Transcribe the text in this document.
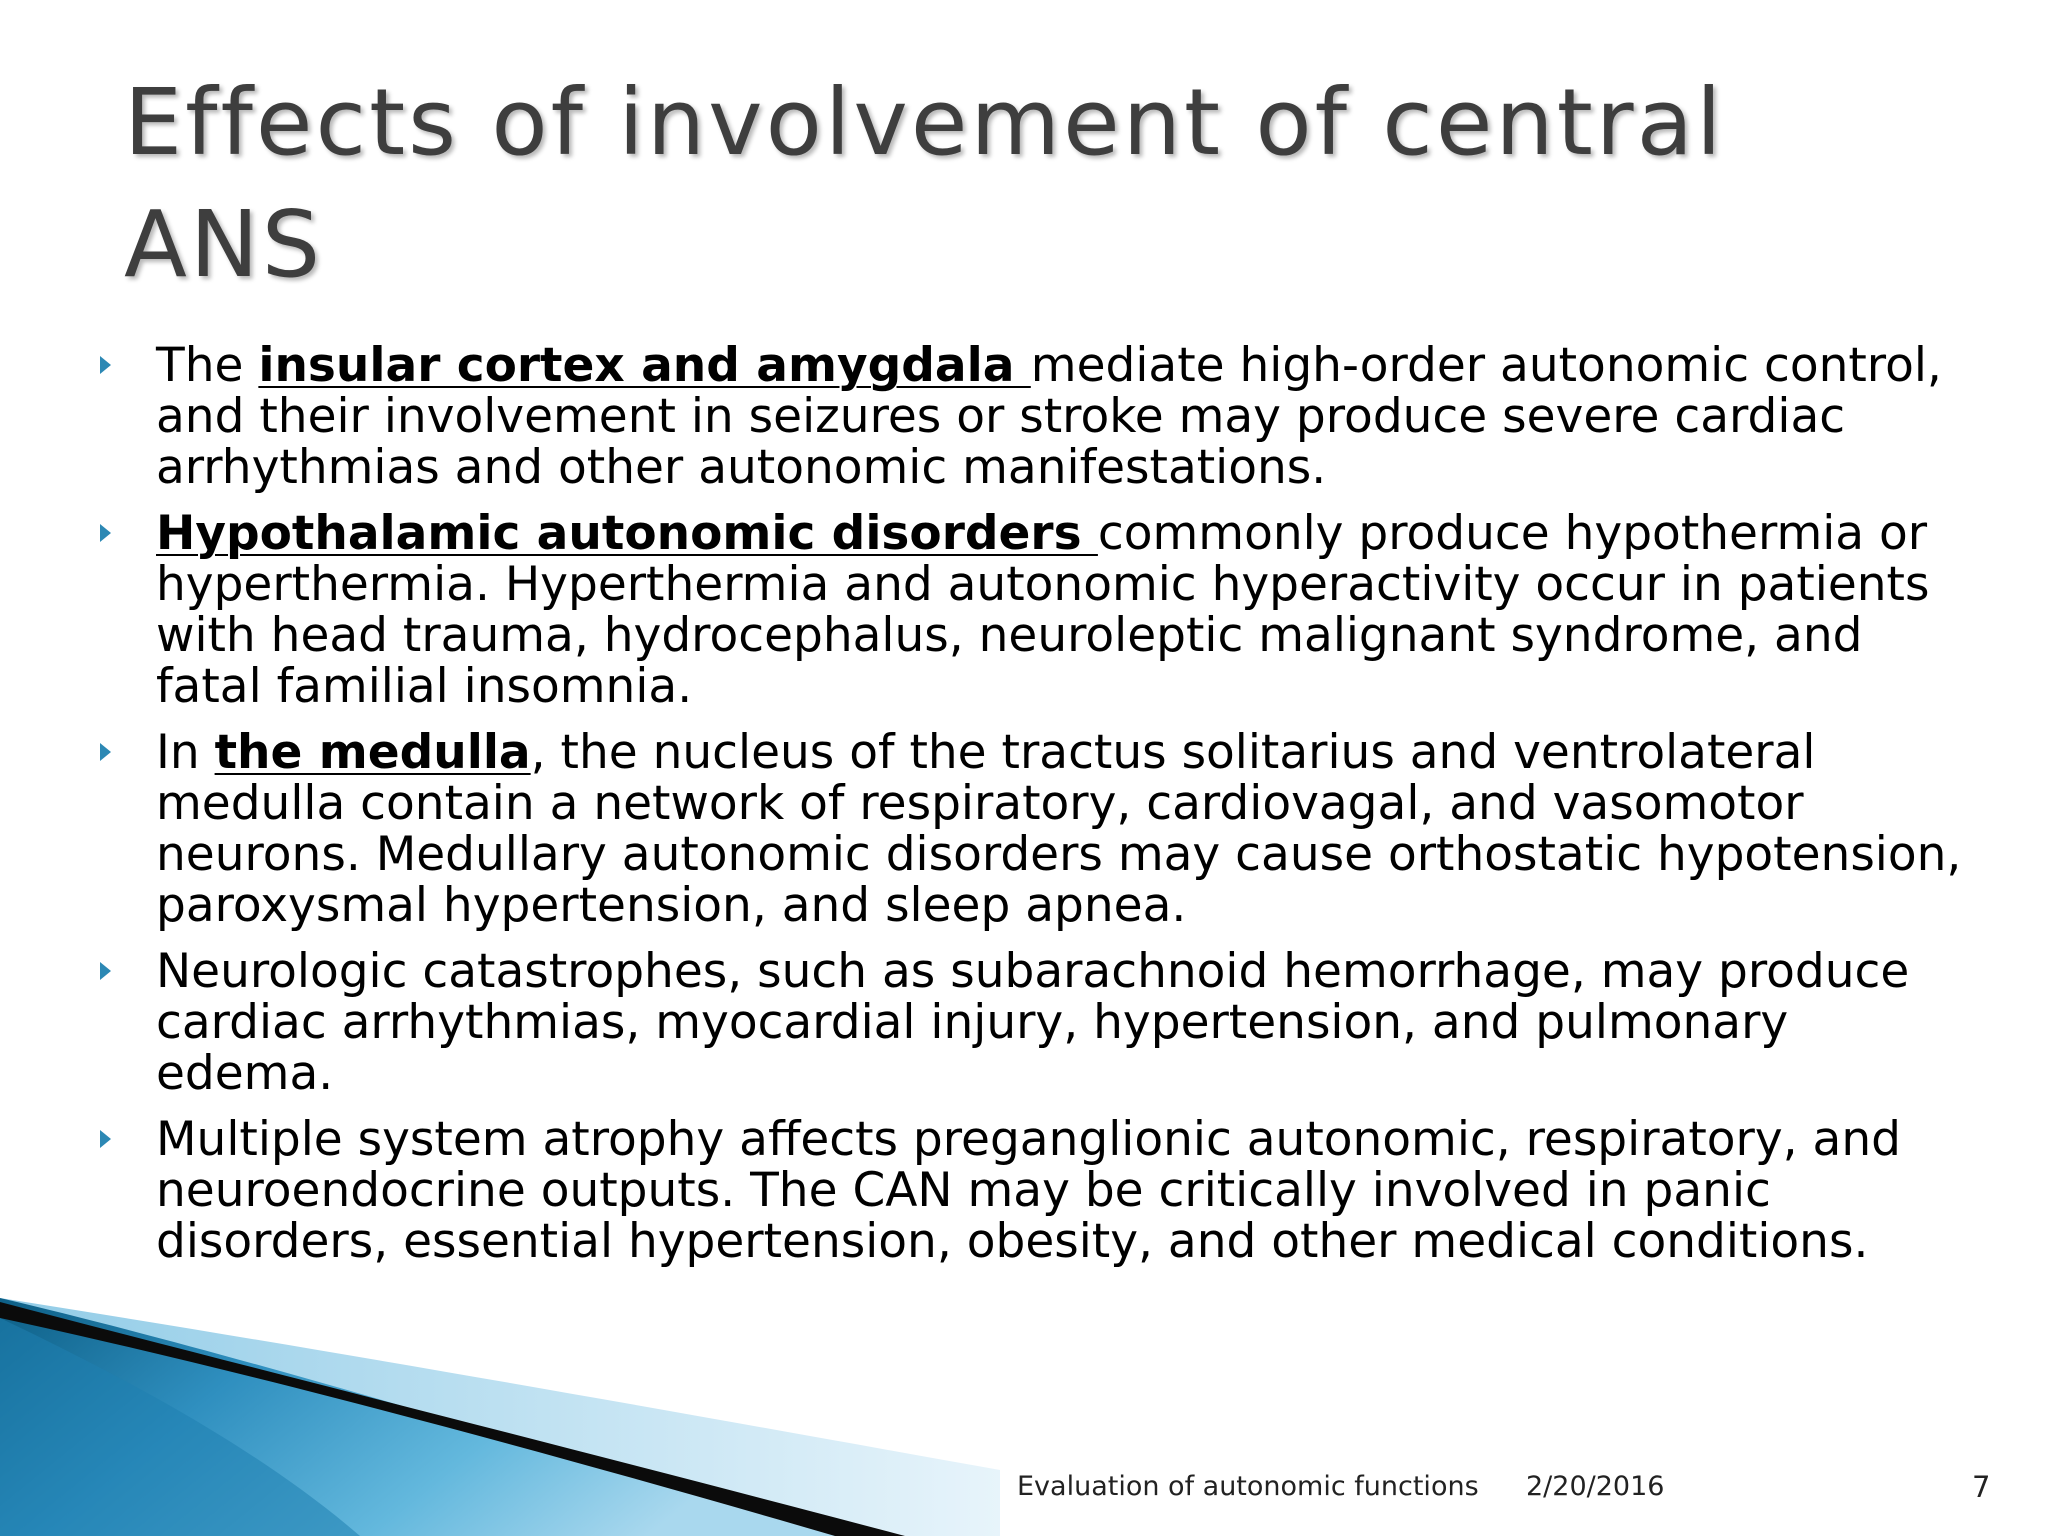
Effects of involvement of central ANS
The insular cortex and amygdala mediate high-order autonomic control, and their involvement in seizures or stroke may produce severe cardiac arrhythmias and other autonomic manifestations.
Hypothalamic autonomic disorders commonly produce hypothermia or hyperthermia. Hyperthermia and autonomic hyperactivity occur in patients with head trauma, hydrocephalus, neuroleptic malignant syndrome, and fatal familial insomnia.
In the medulla, the nucleus of the tractus solitarius and ventrolateral medulla contain a network of respiratory, cardiovagal, and vasomotor neurons. Medullary autonomic disorders may cause orthostatic hypotension, paroxysmal hypertension, and sleep apnea.
Neurologic catastrophes, such as subarachnoid hemorrhage, may produce cardiac arrhythmias, myocardial injury, hypertension, and pulmonary edema.
Multiple system atrophy affects preganglionic autonomic, respiratory, and neuroendocrine outputs. The CAN may be critically involved in panic disorders, essential hypertension, obesity, and other medical conditions.
Evaluation of autonomic functions 2/20/2016	7
